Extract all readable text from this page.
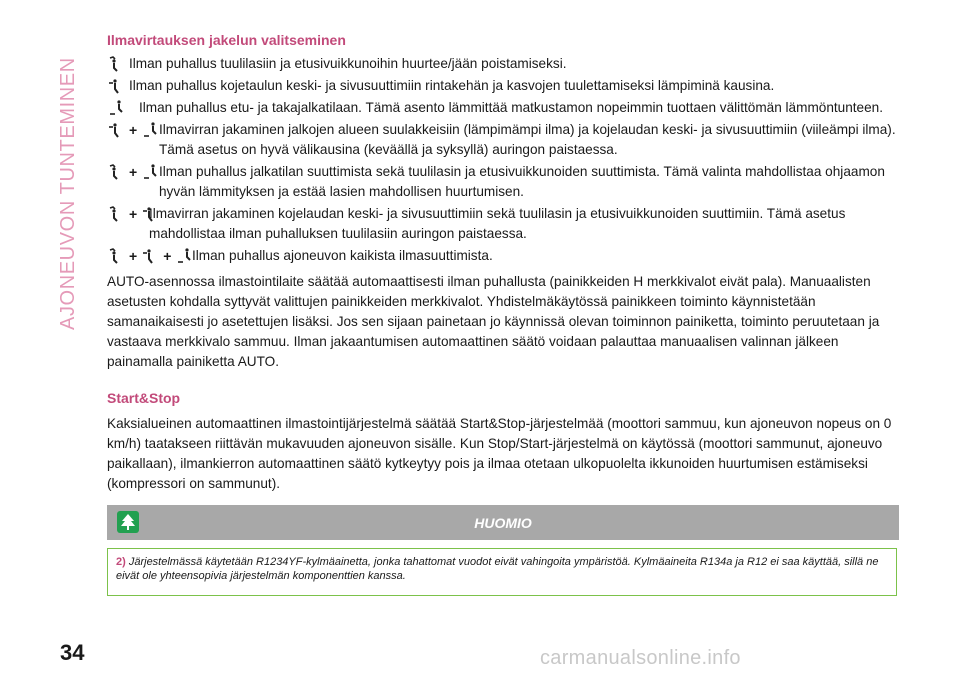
AJONEUVON TUNTEMINEN
Ilmavirtauksen jakelun valitseminen
Ilman puhallus tuulilasiin ja etusivuikkunoihin huurtee/jään poistamiseksi.
Ilman puhallus kojetaulun keski- ja sivusuuttimiin rintakehän ja kasvojen tuulettamiseksi lämpiminä kausina.
Ilman puhallus etu- ja takajalkatilaan. Tämä asento lämmittää matkustamon nopeimmin tuottaen välittömän lämmöntunteen.
+ Ilmavirran jakaminen jalkojen alueen suulakkeisiin (lämpimämpi ilma) ja kojelaudan keski- ja sivusuuttimiin (viileämpi ilma). Tämä asetus on hyvä välikausina (keväällä ja syksyllä) auringon paistaessa.
+ Ilman puhallus jalkatilan suuttimista sekä tuulilasin ja etusivuikkunoiden suuttimista. Tämä valinta mahdollistaa ohjaamon hyvän lämmityksen ja estää lasien mahdollisen huurtumisen.
+ Ilmavirran jakaminen kojelaudan keski- ja sivusuuttimiin sekä tuulilasin ja etusivuikkunoiden suuttimiin. Tämä asetus mahdollistaa ilman puhalluksen tuulilasiin auringon paistaessa.
+ + Ilman puhallus ajoneuvon kaikista ilmasuuttimista.

AUTO-asennossa ilmastointilaite säätää automaattisesti ilman puhallusta (painikkeiden H merkkivalot eivät pala). Manuaalisten asetusten kohdalla syttyvät valittujen painikkeiden merkkivalot. Yhdistelmäkäytössä painikkeen toiminto käynnistetään samanaikaisesti jo asetettujen lisäksi. Jos sen sijaan painetaan jo käynnissä olevan toiminnon painiketta, toiminto peruutetaan ja vastaava merkkivalo sammuu. Ilman jakaantumisen automaattinen säätö voidaan palauttaa manuaalisen valinnan jälkeen painamalla painiketta AUTO.

Start&Stop

Kaksialueinen automaattinen ilmastointijärjestelmä säätää Start&Stop-järjestelmää (moottori sammuu, kun ajoneuvon nopeus on 0 km/h) taatakseen riittävän mukavuuden ajoneuvon sisälle. Kun Stop/Start-järjestelmä on käytössä (moottori sammunut, ajoneuvo paikallaan), ilmankierron automaattinen säätö kytkeytyy pois ja ilmaa otetaan ulkopuolelta ikkunoiden huurtumisen estämiseksi (kompressori on sammunut).

HUOMIO
2) Järjestelmässä käytetään R1234YF-kylmäainetta, jonka tahattomat vuodot eivät vahingoita ympäristöä. Kylmäaineita R134a ja R12 ei saa käyttää, sillä ne eivät ole yhteensopivia järjestelmän komponenttien kanssa.
34	carmanualsonline.info
